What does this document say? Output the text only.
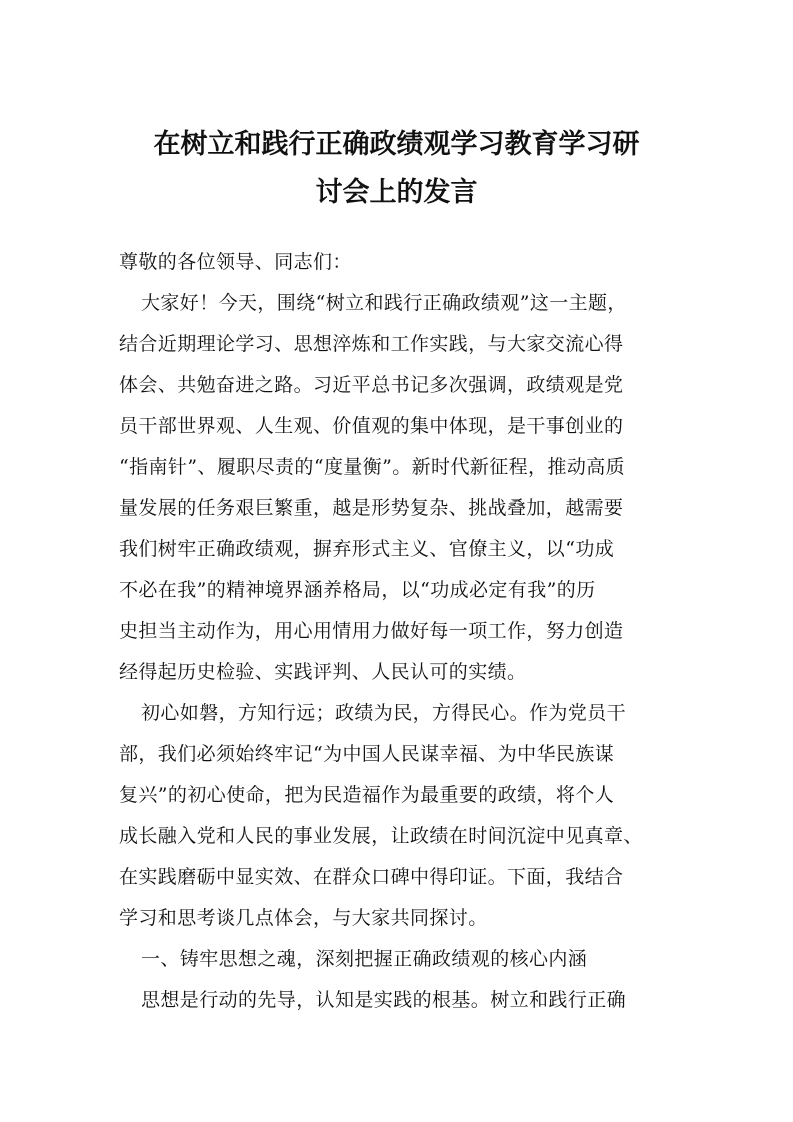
在树立和践行正确政绩观学习教育学习研
讨会上的发言
尊敬的各位领导、同志们：
大家好！今天，围绕“树立和践行正确政绩观”这一主题，
结合近期理论学习、思想淬炼和工作实践，与大家交流心得
体会、共勉奋进之路。习近平总书记多次强调，政绩观是党
员干部世界观、人生观、价值观的集中体现，是干事创业的
“指南针”、履职尽责的“度量衡”。新时代新征程，推动高质
量发展的任务艰巨繁重，越是形势复杂、挑战叠加，越需要
我们树牢正确政绩观，摒弃形式主义、官僚主义，以“功成
不必在我”的精神境界涵养格局，以“功成必定有我”的历
史担当主动作为，用心用情用力做好每一项工作，努力创造
经得起历史检验、实践评判、人民认可的实绩。
初心如磐，方知行远；政绩为民，方得民心。作为党员干
部，我们必须始终牢记“为中国人民谋幸福、为中华民族谋
复兴”的初心使命，把为民造福作为最重要的政绩，将个人
成长融入党和人民的事业发展，让政绩在时间沉淀中见真章、
在实践磨砺中显实效、在群众口碑中得印证。下面，我结合
学习和思考谈几点体会，与大家共同探讨。
一、铸牢思想之魂，深刻把握正确政绩观的核心内涵
思想是行动的先导，认知是实践的根基。树立和践行正确
